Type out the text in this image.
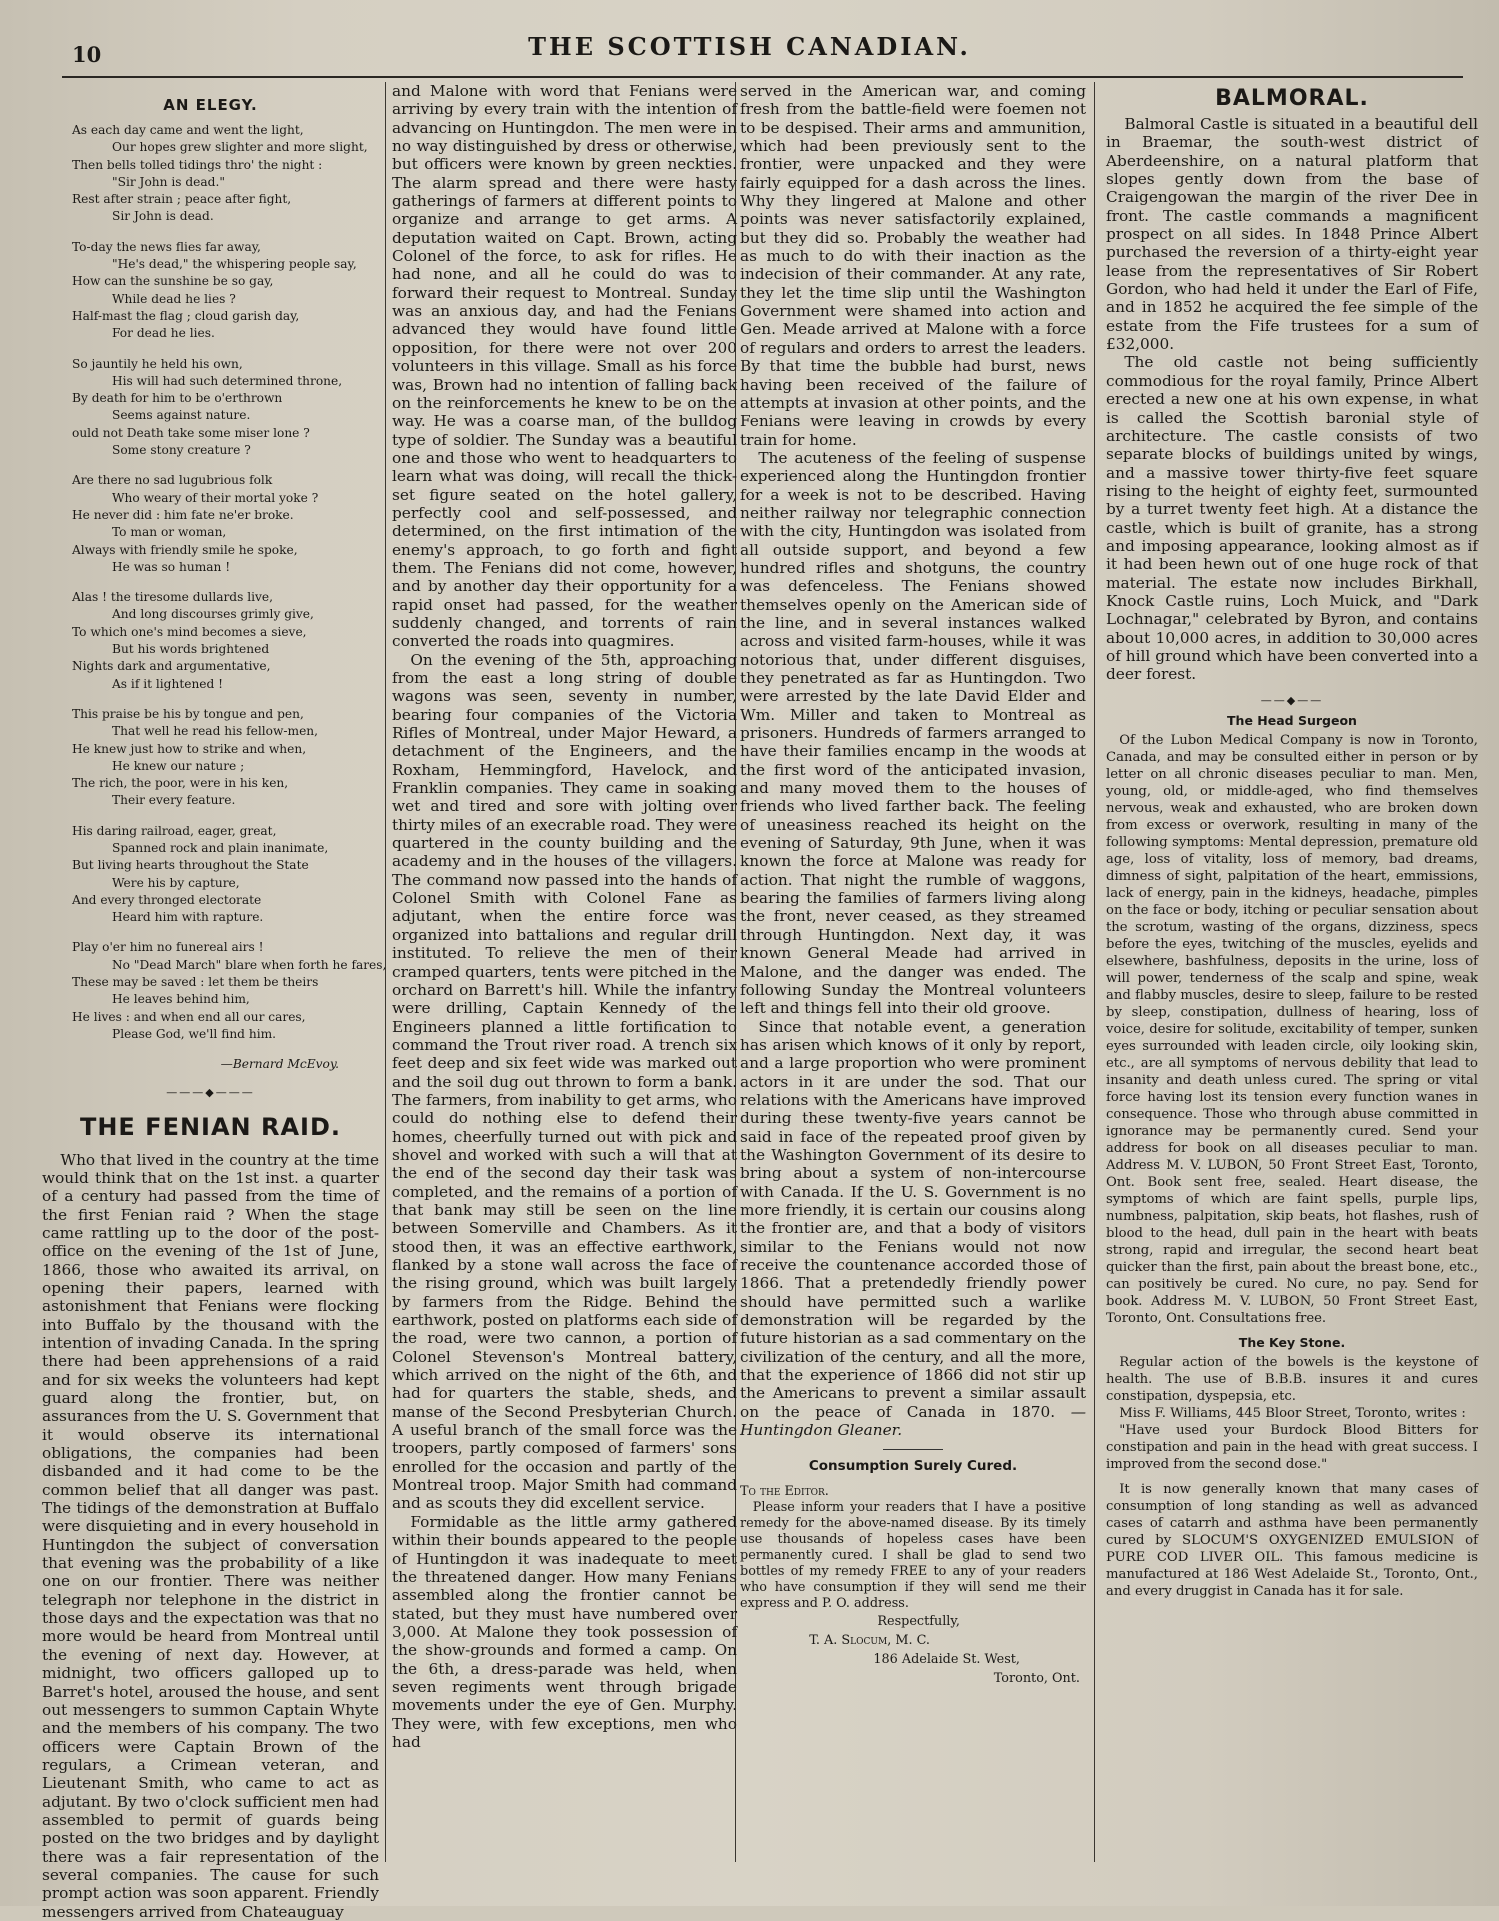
10	THE SCOTTISH CANADIAN.
AN ELEGY.
As each day came and went the light,
Our hopes grew slighter and more slight,
Then bells tolled tidings thro' the night :
"Sir John is dead."
Rest after strain ; peace after fight,
Sir John is dead.
To-day the news flies far away,
"He's dead," the whispering people say,
How can the sunshine be so gay,
While dead he lies ?
Half-mast the flag ; cloud garish day,
For dead he lies.
So jauntily he held his own,
His will had such determined throne,
By death for him to be o'erthrown
Seems against nature.
ould not Death take some miser lone ?
Some stony creature ?
Are there no sad lugubrious folk
Who weary of their mortal yoke ?
He never did : him fate ne'er broke.
To man or woman,
Always with friendly smile he spoke,
He was so human !
Alas ! the tiresome dullards live,
And long discourses grimly give,
To which one's mind becomes a sieve,
But his words brightened
Nights dark and argumentative,
As if it lightened !
This praise be his by tongue and pen,
That well he read his fellow-men,
He knew just how to strike and when,
He knew our nature ;
The rich, the poor, were in his ken,
Their every feature.
His daring railroad, eager, great,
Spanned rock and plain inanimate,
But living hearts throughout the State
Were his by capture,
And every thronged electorate
Heard him with rapture.
Play o'er him no funereal airs !
No "Dead March" blare when forth he fares,
These may be saved : let them be theirs
He leaves behind him,
He lives : and when end all our cares,
Please God, we'll find him.
—Bernard McEvoy.
———◆———
THE FENIAN RAID.

Who that lived in the country at the time would think that on the 1st inst. a quarter of a century had passed from the time of the first Fenian raid ? When the stage came rattling up to the door of the post-office on the evening of the 1st of June, 1866, those who awaited its arrival, on opening their papers, learned with astonishment that Fenians were flocking into Buffalo by the thousand with the intention of invading Canada. In the spring there had been apprehensions of a raid and for six weeks the volunteers had kept guard along the frontier, but, on assurances from the U. S. Government that it would observe its international obligations, the companies had been disbanded and it had come to be the common belief that all danger was past. The tidings of the demonstration at Buffalo were disquieting and in every household in Huntingdon the subject of conversation that evening was the probability of a like one on our frontier. There was neither telegraph nor telephone in the district in those days and the expectation was that no more would be heard from Montreal until the evening of next day. However, at midnight, two officers galloped up to Barret's hotel, aroused the house, and sent out messengers to summon Captain Whyte and the members of his company. The two officers were Captain Brown of the regulars, a Crimean veteran, and Lieutenant Smith, who came to act as adjutant. By two o'clock sufficient men had assembled to permit of guards being posted on the two bridges and by daylight there was a fair representation of the several companies. The cause for such prompt action was soon apparent. Friendly messengers arrived from Chateauguay

and Malone with word that Fenians were arriving by every train with the intention of advancing on Huntingdon. The men were in no way distinguished by dress or otherwise, but officers were known by green neckties. The alarm spread and there were hasty gatherings of farmers at different points to organize and arrange to get arms. A deputation waited on Capt. Brown, acting Colonel of the force, to ask for rifles. He had none, and all he could do was to forward their request to Montreal. Sunday was an anxious day, and had the Fenians advanced they would have found little opposition, for there were not over 200 volunteers in this village. Small as his force was, Brown had no intention of falling back on the reinforcements he knew to be on the way. He was a coarse man, of the bulldog type of soldier. The Sunday was a beautiful one and those who went to headquarters to learn what was doing, will recall the thick-set figure seated on the hotel gallery, perfectly cool and self-possessed, and determined, on the first intimation of the enemy's approach, to go forth and fight them. The Fenians did not come, however, and by another day their opportunity for a rapid onset had passed, for the weather suddenly changed, and torrents of rain converted the roads into quagmires.

On the evening of the 5th, approaching from the east a long string of double wagons was seen, seventy in number, bearing four companies of the Victoria Rifles of Montreal, under Major Heward, a detachment of the Engineers, and the Roxham, Hemmingford, Havelock, and Franklin companies. They came in soaking wet and tired and sore with jolting over thirty miles of an execrable road. They were quartered in the county building and the academy and in the houses of the villagers. The command now passed into the hands of Colonel Smith with Colonel Fane as adjutant, when the entire force was organized into battalions and regular drill instituted. To relieve the men of their cramped quarters, tents were pitched in the orchard on Barrett's hill. While the infantry were drilling, Captain Kennedy of the Engineers planned a little fortification to command the Trout river road. A trench six feet deep and six feet wide was marked out and the soil dug out thrown to form a bank. The farmers, from inability to get arms, who could do nothing else to defend their homes, cheerfully turned out with pick and shovel and worked with such a will that at the end of the second day their task was completed, and the remains of a portion of that bank may still be seen on the line between Somerville and Chambers. As it stood then, it was an effective earthwork, flanked by a stone wall across the face of the rising ground, which was built largely by farmers from the Ridge. Behind the earthwork, posted on platforms each side of the road, were two cannon, a portion of Colonel Stevenson's Montreal battery, which arrived on the night of the 6th, and had for quarters the stable, sheds, and manse of the Second Presbyterian Church. A useful branch of the small force was the troopers, partly composed of farmers' sons enrolled for the occasion and partly of the Montreal troop. Major Smith had command and as scouts they did excellent service.

Formidable as the little army gathered within their bounds appeared to the people of Huntingdon it was inadequate to meet the threatened danger. How many Fenians assembled along the frontier cannot be stated, but they must have numbered over 3,000. At Malone they took possession of the show-grounds and formed a camp. On the 6th, a dress-parade was held, when seven regiments went through brigade movements under the eye of Gen. Murphy. They were, with few exceptions, men who had

served in the American war, and coming fresh from the battle-field were foemen not to be despised. Their arms and ammunition, which had been previously sent to the frontier, were unpacked and they were fairly equipped for a dash across the lines. Why they lingered at Malone and other points was never satisfactorily explained, but they did so. Probably the weather had as much to do with their inaction as the indecision of their commander. At any rate, they let the time slip until the Washington Government were shamed into action and Gen. Meade arrived at Malone with a force of regulars and orders to arrest the leaders. By that time the bubble had burst, news having been received of the failure of attempts at invasion at other points, and the Fenians were leaving in crowds by every train for home.

The acuteness of the feeling of suspense experienced along the Huntingdon frontier for a week is not to be described. Having neither railway nor telegraphic connection with the city, Huntingdon was isolated from all outside support, and beyond a few hundred rifles and shotguns, the country was defenceless. The Fenians showed themselves openly on the American side of the line, and in several instances walked across and visited farm-houses, while it was notorious that, under different disguises, they penetrated as far as Huntingdon. Two were arrested by the late David Elder and Wm. Miller and taken to Montreal as prisoners. Hundreds of farmers arranged to have their families encamp in the woods at the first word of the anticipated invasion, and many moved them to the houses of friends who lived farther back. The feeling of uneasiness reached its height on the evening of Saturday, 9th June, when it was known the force at Malone was ready for action. That night the rumble of waggons, bearing the families of farmers living along the front, never ceased, as they streamed through Huntingdon. Next day, it was known General Meade had arrived in Malone, and the danger was ended. The following Sunday the Montreal volunteers left and things fell into their old groove.

Since that notable event, a generation has arisen which knows of it only by report, and a large proportion who were prominent actors in it are under the sod. That our relations with the Americans have improved during these twenty-five years cannot be said in face of the repeated proof given by the Washington Government of its desire to bring about a system of non-intercourse with Canada. If the U. S. Government is no more friendly, it is certain our cousins along the frontier are, and that a body of visitors similar to the Fenians would not now receive the countenance accorded those of 1866. That a pretendedly friendly power should have permitted such a warlike demonstration will be regarded by the future historian as a sad commentary on the civilization of the century, and all the more, that the experience of 1866 did not stir up the Americans to prevent a similar assault on the peace of Canada in 1870. —Huntingdon Gleaner.

Consumption Surely Cured.
To the Editor.

Please inform your readers that I have a positive remedy for the above-named disease. By its timely use thousands of hopeless cases have been permanently cured. I shall be glad to send two bottles of my remedy FREE to any of your readers who have consumption if they will send me their express and P. O. address.

Respectfully,
T. A. Slocum, M. C.
186 Adelaide St. West,
Toronto, Ont.
BALMORAL.

Balmoral Castle is situated in a beautiful dell in Braemar, the south-west district of Aberdeenshire, on a natural platform that slopes gently down from the base of Craigengowan the margin of the river Dee in front. The castle commands a magnificent prospect on all sides. In 1848 Prince Albert purchased the reversion of a thirty-eight year lease from the representatives of Sir Robert Gordon, who had held it under the Earl of Fife, and in 1852 he acquired the fee simple of the estate from the Fife trustees for a sum of £32,000.

The old castle not being sufficiently commodious for the royal family, Prince Albert erected a new one at his own expense, in what is called the Scottish baronial style of architecture. The castle consists of two separate blocks of buildings united by wings, and a massive tower thirty-five feet square rising to the height of eighty feet, surmounted by a turret twenty feet high. At a distance the castle, which is built of granite, has a strong and imposing appearance, looking almost as if it had been hewn out of one huge rock of that material. The estate now includes Birkhall, Knock Castle ruins, Loch Muick, and "Dark Lochnagar," celebrated by Byron, and contains about 10,000 acres, in addition to 30,000 acres of hill ground which have been converted into a deer forest.

——◆——
The Head Surgeon

Of the Lubon Medical Company is now in Toronto, Canada, and may be consulted either in person or by letter on all chronic diseases peculiar to man. Men, young, old, or middle-aged, who find themselves nervous, weak and exhausted, who are broken down from excess or overwork, resulting in many of the following symptoms: Mental depression, premature old age, loss of vitality, loss of memory, bad dreams, dimness of sight, palpitation of the heart, emmissions, lack of energy, pain in the kidneys, headache, pimples on the face or body, itching or peculiar sensation about the scrotum, wasting of the organs, dizziness, specs before the eyes, twitching of the muscles, eyelids and elsewhere, bashfulness, deposits in the urine, loss of will power, tenderness of the scalp and spine, weak and flabby muscles, desire to sleep, failure to be rested by sleep, constipation, dullness of hearing, loss of voice, desire for solitude, excitability of temper, sunken eyes surrounded with leaden circle, oily looking skin, etc., are all symptoms of nervous debility that lead to insanity and death unless cured. The spring or vital force having lost its tension every function wanes in consequence. Those who through abuse committed in ignorance may be permanently cured. Send your address for book on all diseases peculiar to man. Address M. V. LUBON, 50 Front Street East, Toronto, Ont. Book sent free, sealed. Heart disease, the symptoms of which are faint spells, purple lips, numbness, palpitation, skip beats, hot flashes, rush of blood to the head, dull pain in the heart with beats strong, rapid and irregular, the second heart beat quicker than the first, pain about the breast bone, etc., can positively be cured. No cure, no pay. Send for book. Address M. V. LUBON, 50 Front Street East, Toronto, Ont. Consultations free.

The Key Stone.

Regular action of the bowels is the keystone of health. The use of B.B.B. insures it and cures constipation, dyspepsia, etc.

Miss F. Williams, 445 Bloor Street, Toronto, writes :

"Have used your Burdock Blood Bitters for constipation and pain in the head with great success. I improved from the second dose."

It is now generally known that many cases of consumption of long standing as well as advanced cases of catarrh and asthma have been permanently cured by SLOCUM'S OXYGENIZED EMULSION of PURE COD LIVER OIL. This famous medicine is manufactured at 186 West Adelaide St., Toronto, Ont., and every druggist in Canada has it for sale.
